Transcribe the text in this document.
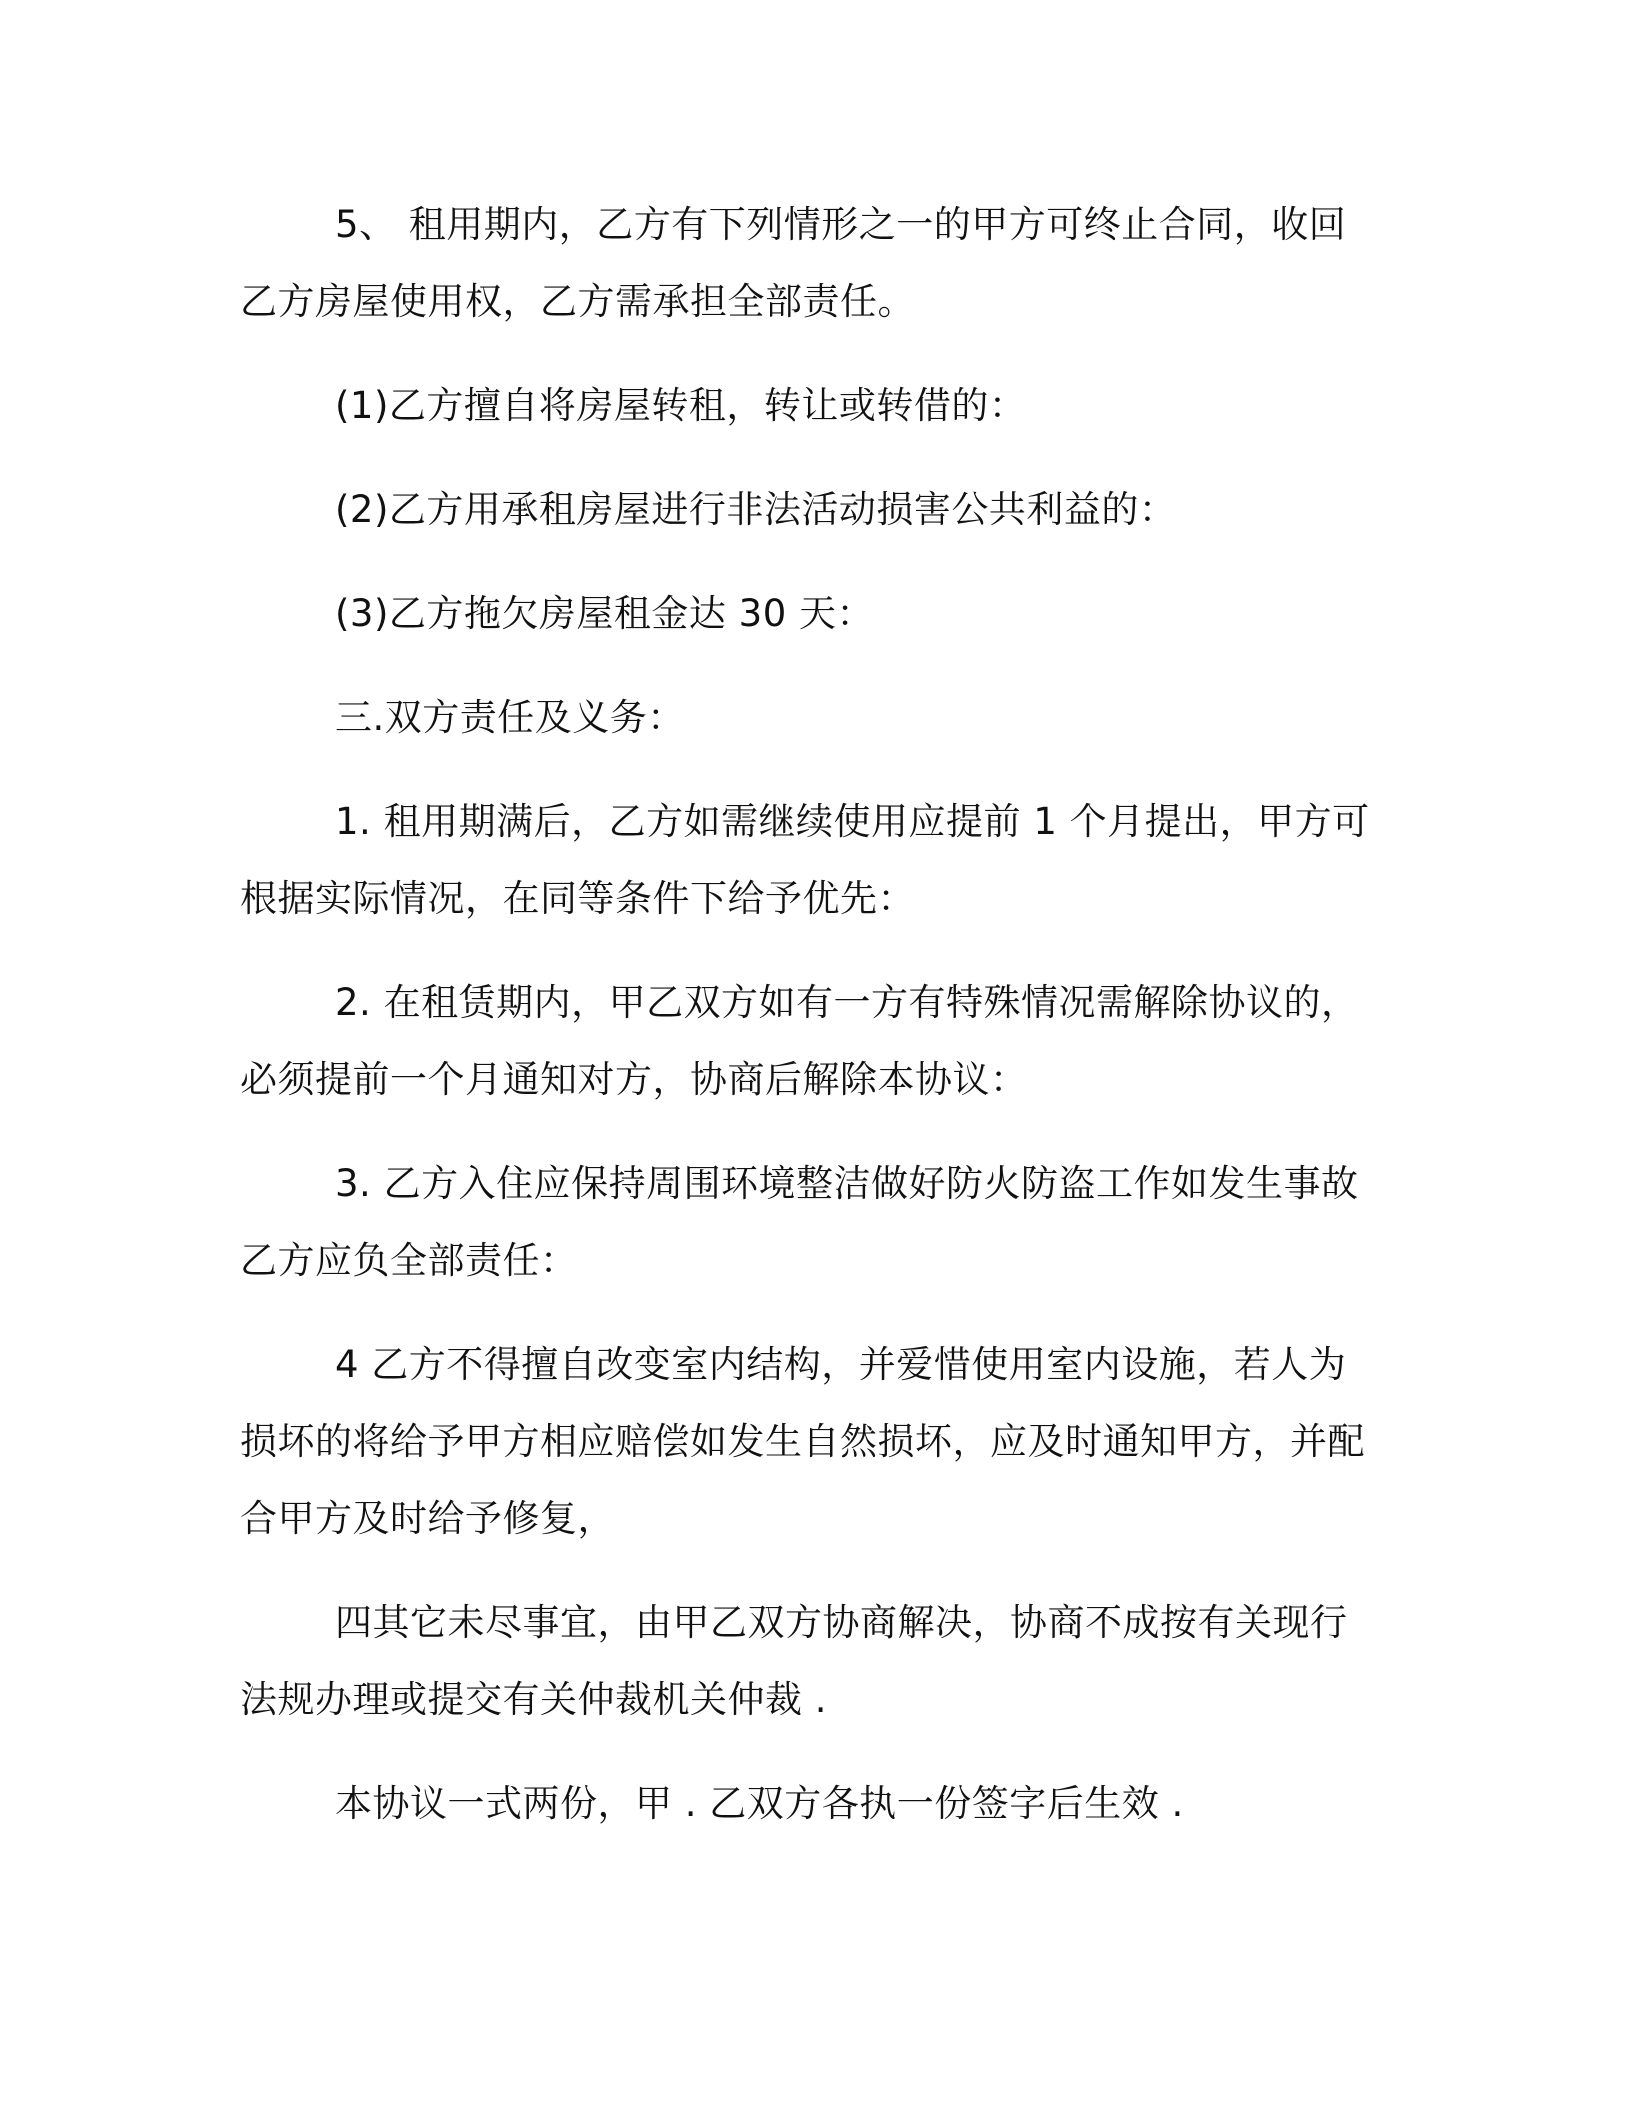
5、 租用期内，乙方有下列情形之一的甲方可终止合同，收回乙方房屋使用权，乙方需承担全部责任。

(1)乙方擅自将房屋转租，转让或转借的：

(2)乙方用承租房屋进行非法活动损害公共利益的：

(3)乙方拖欠房屋租金达 30 天：

三.双方责任及义务：

1. 租用期满后，乙方如需继续使用应提前 1 个月提出，甲方可根据实际情况，在同等条件下给予优先：

2. 在租赁期内，甲乙双方如有一方有特殊情况需解除协议的，必须提前一个月通知对方，协商后解除本协议：

3. 乙方入住应保持周围环境整洁做好防火防盗工作如发生事故乙方应负全部责任：

4 乙方不得擅自改变室内结构，并爱惜使用室内设施，若人为损坏的将给予甲方相应赔偿如发生自然损坏，应及时通知甲方，并配合甲方及时给予修复，

四其它未尽事宜，由甲乙双方协商解决，协商不成按有关现行法规办理或提交有关仲裁机关仲裁 .

本协议一式两份，甲 . 乙双方各执一份签字后生效 .
